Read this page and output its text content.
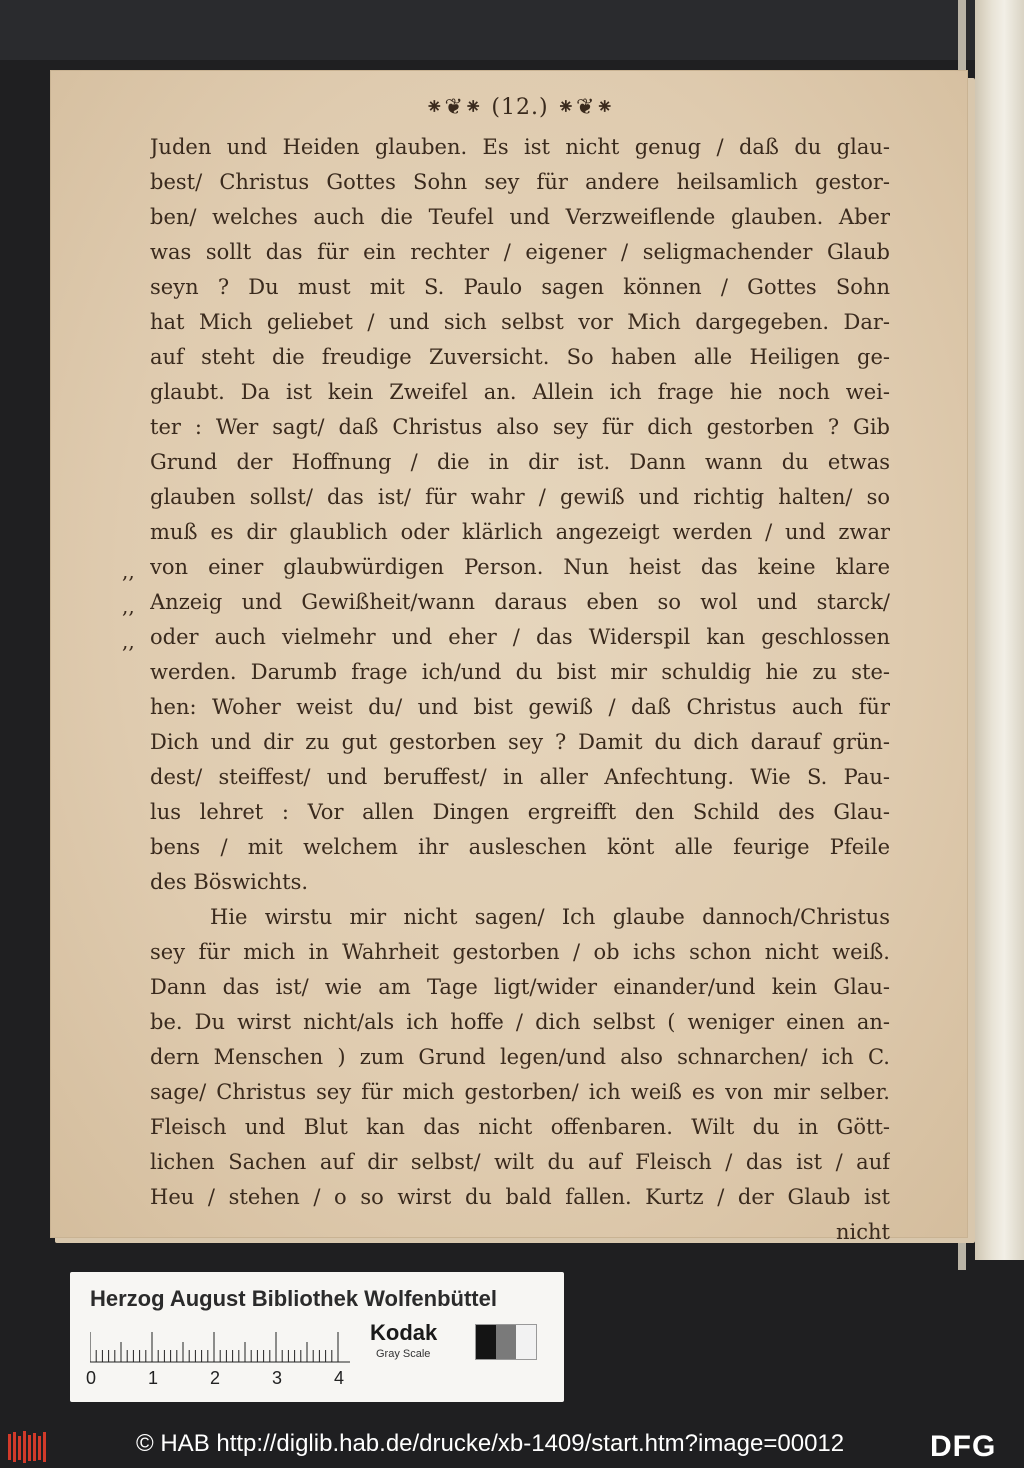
⁕❦⁕ (12.) ⁕❦⁕
Juden und Heiden glauben. Es ist nicht genug / daß du glau-
best/ Christus Gottes Sohn sey für andere heilsamlich gestor-
ben/ welches auch die Teufel und Verzweiflende glauben. Aber
was sollt das für ein rechter / eigener / seligmachender Glaub
seyn ? Du must mit S. Paulo sagen können / Gottes Sohn
hat Mich geliebet / und sich selbst vor Mich dargegeben. Dar-
auf steht die freudige Zuversicht. So haben alle Heiligen ge-
glaubt. Da ist kein Zweifel an. Allein ich frage hie noch wei-
ter : Wer sagt/ daß Christus also sey für dich gestorben ? Gib
Grund der Hoffnung / die in dir ist. Dann wann du etwas
glauben sollst/ das ist/ für wahr / gewiß und richtig halten/ so
muß es dir glaublich oder klärlich angezeigt werden / und zwar
von einer glaubwürdigen Person. Nun heist das keine klare
Anzeig und Gewißheit/wann daraus eben so wol und starck/
oder auch vielmehr und eher / das Widerspil kan geschlossen
werden. Darumb frage ich/und du bist mir schuldig hie zu ste-
hen: Woher weist du/ und bist gewiß / daß Christus auch für
Dich und dir zu gut gestorben sey ? Damit du dich darauf grün-
dest/ steiffest/ und beruffest/ in aller Anfechtung. Wie S. Pau-
lus lehret : Vor allen Dingen ergreifft den Schild des Glau-
bens / mit welchem ihr ausleschen könt alle feurige Pfeile
des Böswichts.
Hie wirstu mir nicht sagen/ Ich glaube dannoch/Christus
sey für mich in Wahrheit gestorben / ob ichs schon nicht weiß.
Dann das ist/ wie am Tage ligt/wider einander/und kein Glau-
be. Du wirst nicht/als ich hoffe / dich selbst ( weniger einen an-
dern Menschen ) zum Grund legen/und also schnarchen/ ich C.
sage/ Christus sey für mich gestorben/ ich weiß es von mir selber.
Fleisch und Blut kan das nicht offenbaren. Wilt du in Gött-
lichen Sachen auf dir selbst/ wilt du auf Fleisch / das ist / auf
Heu / stehen / o so wirst du bald fallen. Kurtz / der Glaub ist
nicht
,,
,,
,,
Herzog August Bibliothek Wolfenbüttel
0	1	2	3	4
Kodak
Gray Scale
© HAB http://diglib.hab.de/drucke/xb-1409/start.htm?image=00012	DFG
